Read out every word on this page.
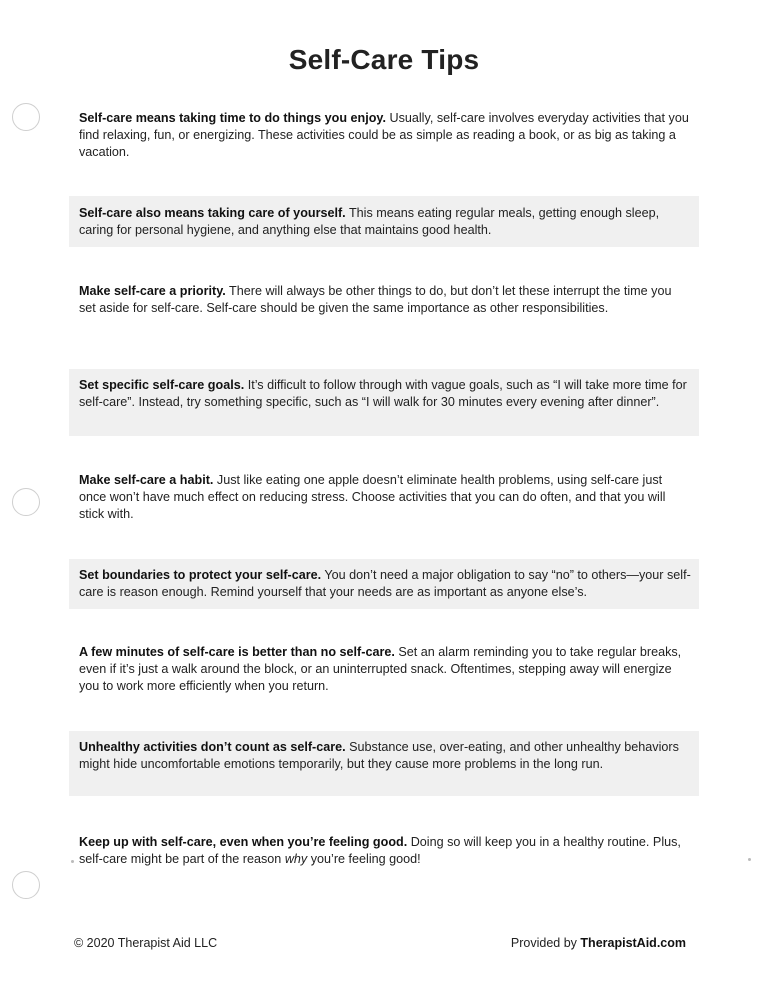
Self-Care Tips
Self-care means taking time to do things you enjoy. Usually, self-care involves everyday activities that you find relaxing, fun, or energizing. These activities could be as simple as reading a book, or as big as taking a vacation.
Self-care also means taking care of yourself. This means eating regular meals, getting enough sleep, caring for personal hygiene, and anything else that maintains good health.
Make self-care a priority. There will always be other things to do, but don’t let these interrupt the time you set aside for self-care. Self-care should be given the same importance as other responsibilities.
Set specific self-care goals. It’s difficult to follow through with vague goals, such as “I will take more time for self-care”. Instead, try something specific, such as “I will walk for 30 minutes every evening after dinner”.
Make self-care a habit. Just like eating one apple doesn’t eliminate health problems, using self-care just once won’t have much effect on reducing stress. Choose activities that you can do often, and that you will stick with.
Set boundaries to protect your self-care. You don’t need a major obligation to say “no” to others—your self-care is reason enough. Remind yourself that your needs are as important as anyone else’s.
A few minutes of self-care is better than no self-care. Set an alarm reminding you to take regular breaks, even if it’s just a walk around the block, or an uninterrupted snack. Oftentimes, stepping away will energize you to work more efficiently when you return.
Unhealthy activities don’t count as self-care. Substance use, over-eating, and other unhealthy behaviors might hide uncomfortable emotions temporarily, but they cause more problems in the long run.
Keep up with self-care, even when you’re feeling good. Doing so will keep you in a healthy routine. Plus, self-care might be part of the reason why you’re feeling good!
© 2020 Therapist Aid LLC	Provided by TherapistAid.com
